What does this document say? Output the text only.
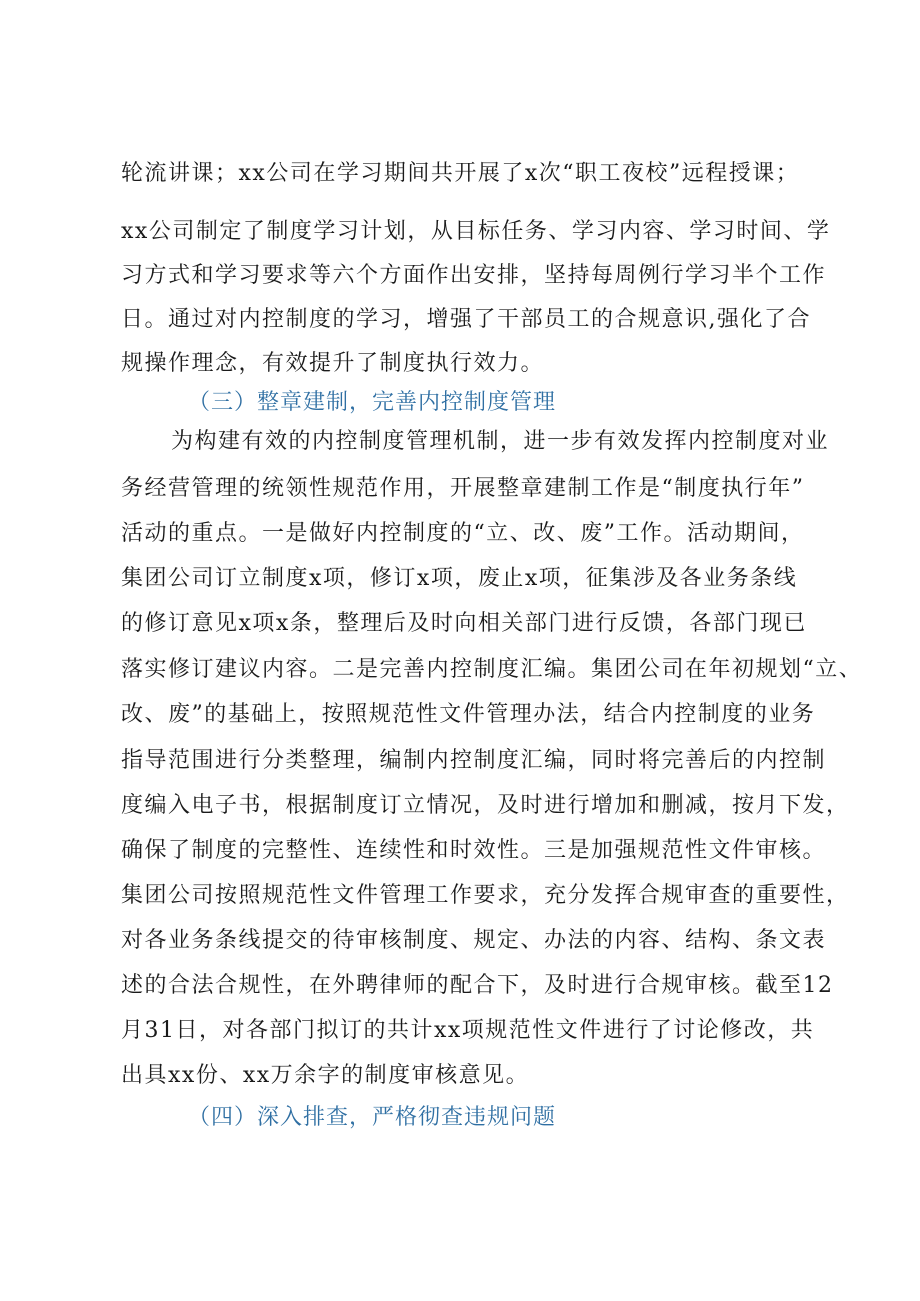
轮流讲课；xx公司在学习期间共开展了x次“职工夜校”远程授课；
xx公司制定了制度学习计划，从目标任务、学习内容、学习时间、学
习方式和学习要求等六个方面作出安排，坚持每周例行学习半个工作
日。通过对内控制度的学习，增强了干部员工的合规意识,强化了合
规操作理念，有效提升了制度执行效力。
（三）整章建制，完善内控制度管理
为构建有效的内控制度管理机制，进一步有效发挥内控制度对业
务经营管理的统领性规范作用，开展整章建制工作是“制度执行年”
活动的重点。一是做好内控制度的“立、改、废”工作。活动期间，
集团公司订立制度x项，修订x项，废止x项，征集涉及各业务条线
的修订意见x项x条，整理后及时向相关部门进行反馈，各部门现已
落实修订建议内容。二是完善内控制度汇编。集团公司在年初规划“立、
改、废”的基础上，按照规范性文件管理办法，结合内控制度的业务
指导范围进行分类整理，编制内控制度汇编，同时将完善后的内控制
度编入电子书，根据制度订立情况，及时进行增加和删减，按月下发，
确保了制度的完整性、连续性和时效性。三是加强规范性文件审核。
集团公司按照规范性文件管理工作要求，充分发挥合规审查的重要性，
对各业务条线提交的待审核制度、规定、办法的内容、结构、条文表
述的合法合规性，在外聘律师的配合下，及时进行合规审核。截至12
月31日，对各部门拟订的共计xx项规范性文件进行了讨论修改，共
出具xx份、xx万余字的制度审核意见。
（四）深入排查，严格彻查违规问题
